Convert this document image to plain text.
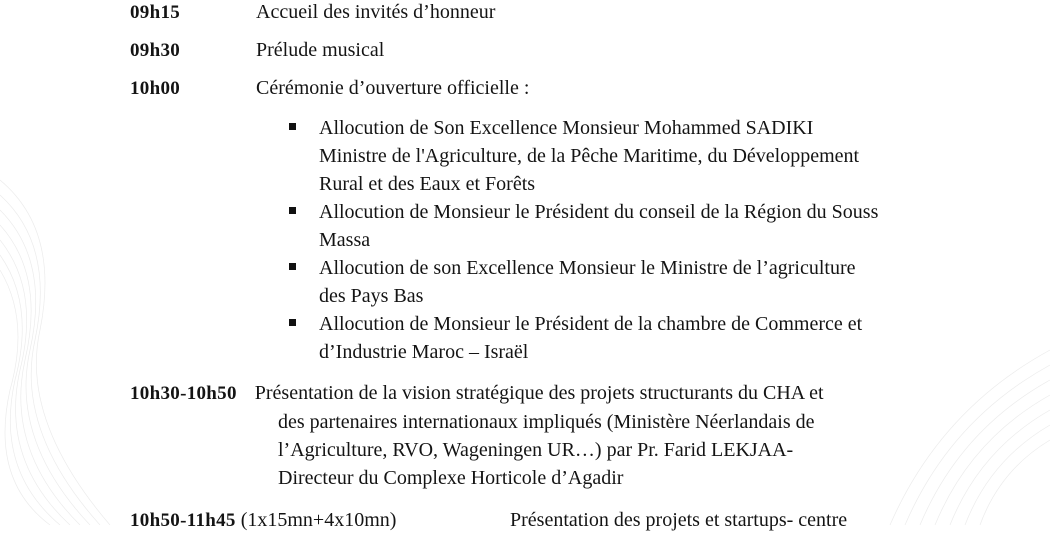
09h15	Accueil des invités d’honneur
09h30	Prélude musical
10h00	Cérémonie d’ouverture officielle :
Allocution de Son Excellence Monsieur Mohammed SADIKI
Ministre de l'Agriculture, de la Pêche Maritime, du Développement
Rural et des Eaux et Forêts
Allocution de Monsieur le Président du conseil de la Région du Souss
Massa
Allocution de son Excellence Monsieur le Ministre de l’agriculture
des Pays Bas
Allocution de Monsieur le Président de la chambre de Commerce et
d’Industrie Maroc – Israël
10h30-10h50 Présentation de la vision stratégique des projets structurants du CHA et
des partenaires internationaux impliqués (Ministère Néerlandais de
l’Agriculture, RVO, Wageningen UR…) par Pr. Farid LEKJAA-
Directeur du Complexe Horticole d’Agadir
10h50-11h45 (1x15mn+4x10mn)	Présentation des projets et startups- centre
